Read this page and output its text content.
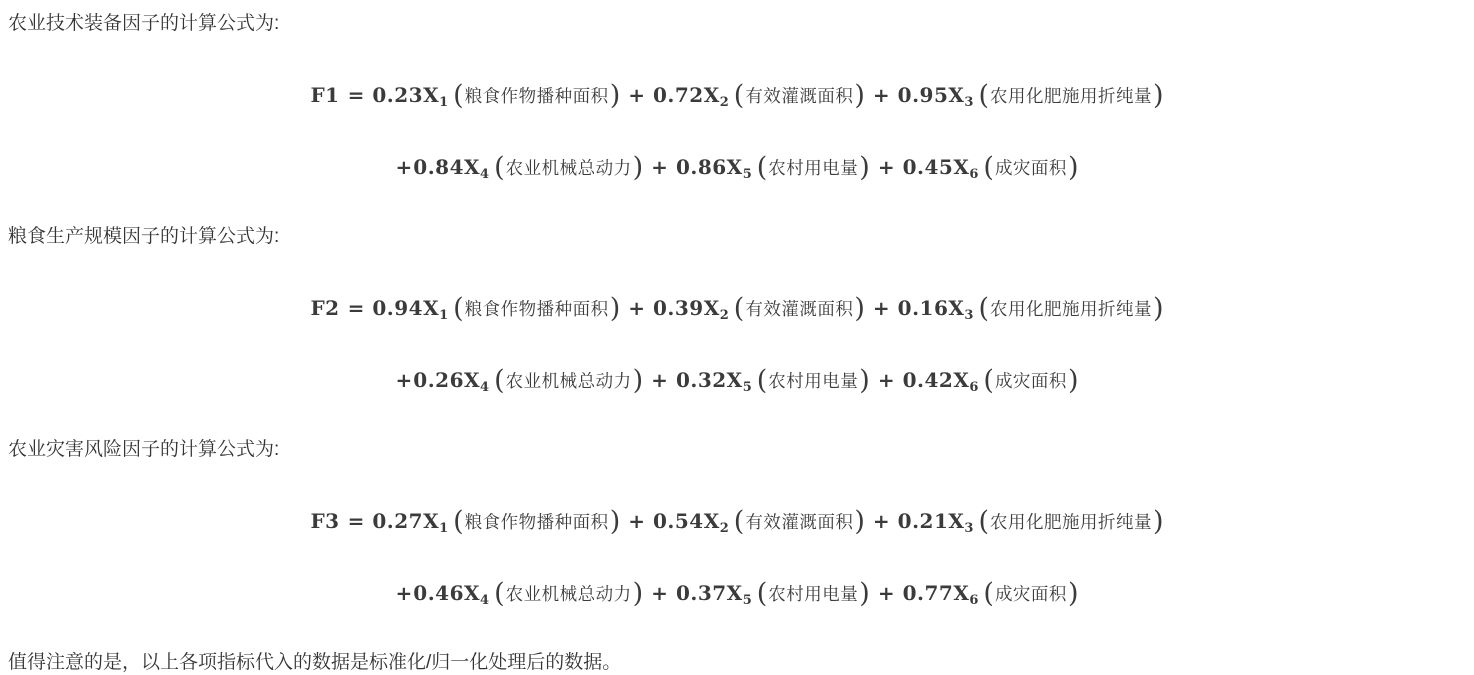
农业技术装备因子的计算公式为:

$F1 = 0.23X_1$ (粮食作物播种面积) + $0.72X_2$ (有效灌溉面积) + $0.95X_3$ (农用化肥施用折纯量)
$+0.84X_4$ (农业机械总动力) + $0.86X_5$ (农村用电量) + $0.45X_6$ (成灾面积)

粮食生产规模因子的计算公式为:

$F2 = 0.94X_1$ (粮食作物播种面积) + $0.39X_2$ (有效灌溉面积) + $0.16X_3$ (农用化肥施用折纯量)
$+0.26X_4$ (农业机械总动力) + $0.32X_5$ (农村用电量) + $0.42X_6$ (成灾面积)

农业灾害风险因子的计算公式为:

$F3 = 0.27X_1$ (粮食作物播种面积) + $0.54X_2$ (有效灌溉面积) + $0.21X_3$ (农用化肥施用折纯量)
$+0.46X_4$ (农业机械总动力) + $0.37X_5$ (农村用电量) + $0.77X_6$ (成灾面积)

值得注意的是，以上各项指标代入的数据是标准化/归一化处理后的数据。
